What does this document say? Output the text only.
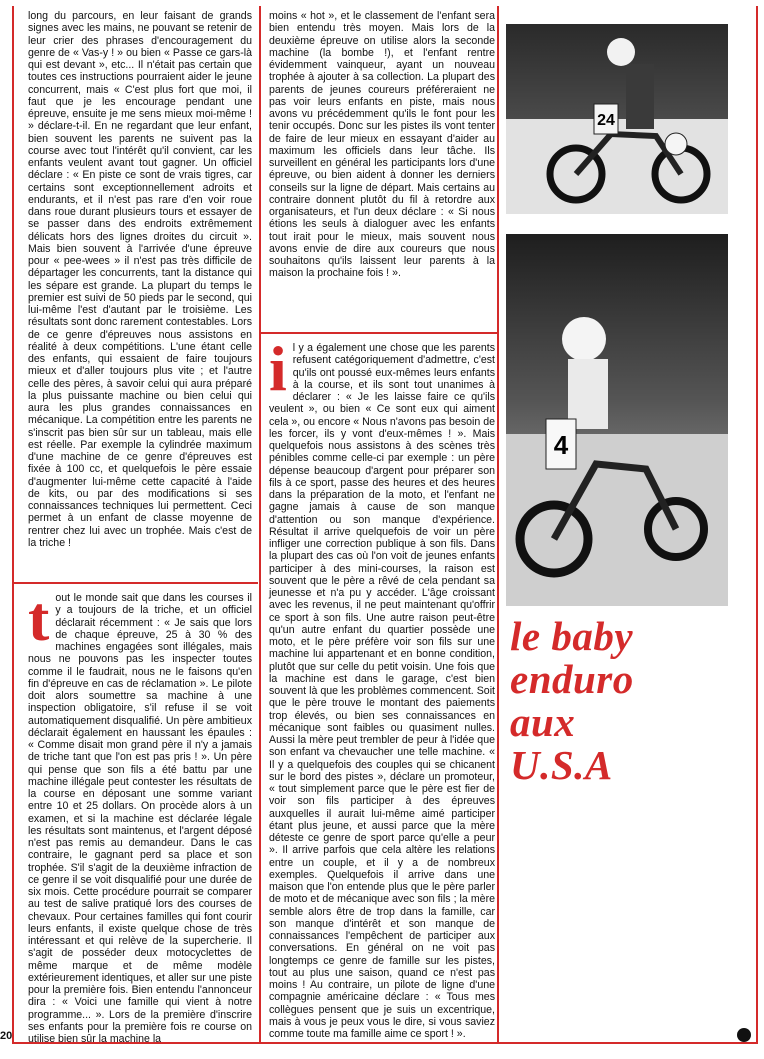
long du parcours, en leur faisant de grands signes avec les mains, ne pouvant se retenir de leur crier des phrases d'encouragement du genre de « Vas-y ! » ou bien « Passe ce gars-là qui est devant », etc... Il n'était pas certain que toutes ces instructions pourraient aider le jeune concurrent, mais « C'est plus fort que moi, il faut que je les encourage pendant une épreuve, ensuite je me sens mieux moi-même ! » déclare-t-il. En ne regardant que leur enfant, bien souvent les parents ne suivent pas la course avec tout l'intérêt qu'il convient, car les enfants veulent avant tout gagner. Un officiel déclare : « En piste ce sont de vrais tigres, car certains sont exceptionnellement adroits et endurants, et il n'est pas rare d'en voir roue dans roue durant plusieurs tours et essayer de se passer dans des endroits extrêmement délicats hors des lignes droites du circuit ». Mais bien souvent à l'arrivée d'une épreuve pour « pee-wees » il n'est pas très difficile de départager les concurrents, tant la distance qui les sépare est grande. La plupart du temps le premier est suivi de 50 pieds par le second, qui lui-même l'est d'autant par le troisième. Les résultats sont donc rarement contestables. Lors de ce genre d'épreuves nous assistons en réalité à deux compétitions. L'une étant celle des enfants, qui essaient de faire toujours mieux et d'aller toujours plus vite ; et l'autre celle des pères, à savoir celui qui aura préparé la plus puissante machine ou bien celui qui aura les plus grandes connaissances en mécanique. La compétition entre les parents ne s'inscrit pas bien sûr sur un tableau, mais elle est réelle. Par exemple la cylindrée maximum d'une machine de ce genre d'épreuves est fixée à 100 cc, et quelquefois le père essaie d'augmenter lui-même cette capacité à l'aide de kits, ou par des modifications si ses connaissances techniques lui permettent. Ceci permet à un enfant de classe moyenne de rentrer chez lui avec un trophée. Mais c'est de la triche !

t out le monde sait que dans les courses il y a toujours de la triche, et un officiel déclarait récemment : « Je sais que lors de chaque épreuve, 25 à 30 % des machines engagées sont illégales, mais nous ne pouvons pas les inspecter toutes comme il le faudrait, nous ne le faisons qu'en fin d'épreuve en cas de réclamation ». Le pilote doit alors soumettre sa machine à une inspection obligatoire, s'il refuse il se voit automatiquement disqualifié. Un père ambitieux déclarait également en haussant les épaules : « Comme disait mon grand père il n'y a jamais de triche tant que l'on est pas pris ! ». Un père qui pense que son fils a été battu par une machine illégale peut contester les résultats de la course en déposant une somme variant entre 10 et 25 dollars. On procède alors à un examen, et si la machine est déclarée légale les résultats sont maintenus, et l'argent déposé n'est pas remis au demandeur. Dans le cas contraire, le gagnant perd sa place et son trophée. S'il s'agit de la deuxième infraction de ce genre il se voit disqualifié pour une durée de six mois. Cette procédure pourrait se comparer au test de salive pratiqué lors des courses de chevaux. Pour certaines familles qui font courir leurs enfants, il existe quelque chose de très intéressant et qui relève de la supercherie. Il s'agit de posséder deux motocyclettes de même marque et de même modèle extérieurement identiques, et aller sur une piste pour la première fois. Bien entendu l'annonceur dira : « Voici une famille qui vient à notre programme... ». Lors de la première d'inscrire ses enfants pour la première fois re course on utilise bien sûr la machine la

moins « hot », et le classement de l'enfant sera bien entendu très moyen. Mais lors de la deuxième épreuve on utilise alors la seconde machine (la bombe !), et l'enfant rentre évidemment vainqueur, ayant un nouveau trophée à ajouter à sa collection. La plupart des parents de jeunes coureurs préféreraient ne pas voir leurs enfants en piste, mais nous avons vu précédemment qu'ils le font pour les tenir occupés. Donc sur les pistes ils vont tenter de faire de leur mieux en essayant d'aider au maximum les officiels dans leur tâche. Ils surveillent en général les participants lors d'une épreuve, ou bien aident à donner les derniers conseils sur la ligne de départ. Mais certains au contraire donnent plutôt du fil à retordre aux organisateurs, et l'un deux déclare : « Si nous étions les seuls à dialoguer avec les enfants tout irait pour le mieux, mais souvent nous avons envie de dire aux coureurs que nous souhaitons qu'ils laissent leur parents à la maison la prochaine fois ! ».

i l y a également une chose que les parents refusent catégoriquement d'admettre, c'est qu'ils ont poussé eux-mêmes leurs enfants à la course, et ils sont tout unanimes à déclarer : « Je les laisse faire ce qu'ils veulent », ou bien « Ce sont eux qui aiment cela », ou encore « Nous n'avons pas besoin de les forcer, ils y vont d'eux-mêmes ! ». Mais quelquefois nous assistons à des scènes très pénibles comme celle-ci par exemple : un père dépense beaucoup d'argent pour préparer son fils à ce sport, passe des heures et des heures dans la préparation de la moto, et l'enfant ne gagne jamais à cause de son manque d'attention ou son manque d'expérience. Résultat il arrive quelquefois de voir un père infliger une correction publique à son fils. Dans la plupart des cas où l'on voit de jeunes enfants participer à des mini-courses, la raison est souvent que le père a rêvé de cela pendant sa jeunesse et n'a pu y accéder. L'âge croissant avec les revenus, il ne peut maintenant qu'offrir ce sport à son fils. Une autre raison peut-être qu'un autre enfant du quartier possède une moto, et le père préfère voir son fils sur une machine lui appartenant et en bonne condition, plutôt que sur celle du petit voisin. Une fois que la machine est dans le garage, c'est bien souvent là que les problèmes commencent. Soit que le père trouve le montant des paiements trop élevés, ou bien ses connaissances en mécanique sont faibles ou quasiment nulles. Aussi la mère peut trembler de peur à l'idée que son enfant va chevaucher une telle machine. « Il y a quelquefois des couples qui se chicanent sur le bord des pistes », déclare un promoteur, « tout simplement parce que le père est fier de voir son fils participer à des épreuves auxquelles il aurait lui-même aimé participer étant plus jeune, et aussi parce que la mère déteste ce genre de sport parce qu'elle a peur ». Il arrive parfois que cela altère les relations entre un couple, et il y a de nombreux exemples. Quelquefois il arrive dans une maison que l'on entende plus que le père parler de moto et de mécanique avec son fils ; la mère semble alors être de trop dans la famille, car son manque d'intérêt et son manque de connaissances l'empêchent de participer aux conversations. En général on ne voit pas longtemps ce genre de famille sur les pistes, tout au plus une saison, quand ce n'est pas moins ! Au contraire, un pilote de ligne d'une compagnie américaine déclare : « Tous mes collègues pensent que je suis un excentrique, mais à vous je peux vous le dire, si vous saviez comme toute ma famille aime ce sport ! ».

24
4
le baby
enduro
aux
U.S.A
20
